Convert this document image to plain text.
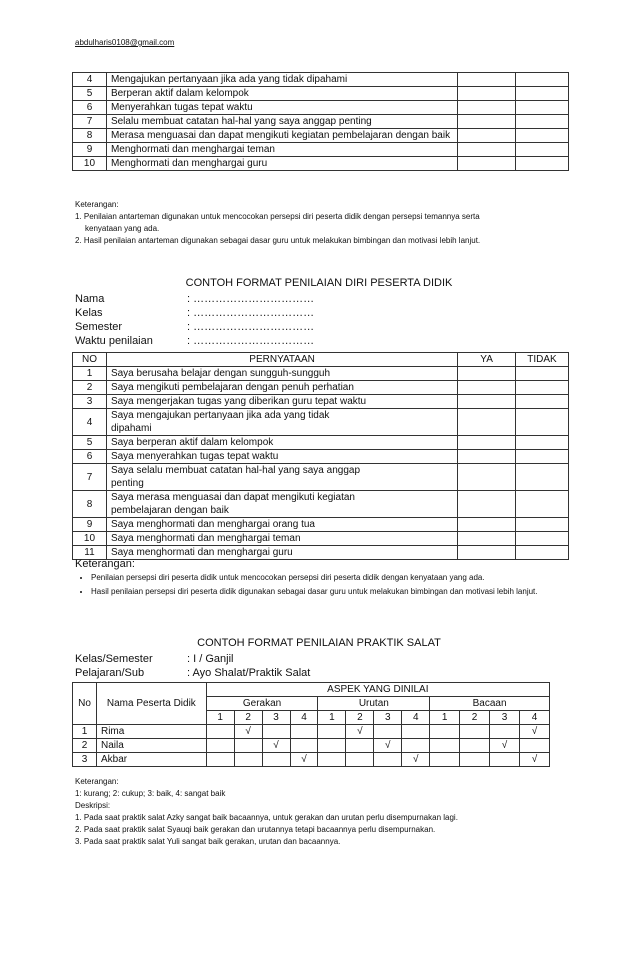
abdulharis0108@gmail.com
4	Mengajukan pertanyaan jika ada yang tidak dipahami		
5	Berperan aktif dalam kelompok		
6	Menyerahkan tugas tepat waktu		
7	Selalu membuat catatan hal-hal yang saya anggap penting		
8	Merasa menguasai dan dapat mengikuti kegiatan pembelajaran dengan baik		
9	Menghormati dan menghargai teman		
10	Menghormati dan menghargai guru		
Keterangan:
1. Penilaian antarteman digunakan untuk mencocokan persepsi diri peserta didik dengan persepsi temannya serta
kenyataan yang ada.
2. Hasil penilaian antarteman digunakan sebagai dasar guru untuk melakukan bimbingan dan motivasi lebih lanjut.
CONTOH FORMAT PENILAIAN DIRI PESERTA DIDIK
Nama	: ……………………………
Kelas	: ……………………………
Semester	: ……………………………
Waktu penilaian	: ……………………………
NO	PERNYATAAN	YA	TIDAK
1	Saya berusaha belajar dengan sungguh-sungguh		
2	Saya mengikuti pembelajaran dengan penuh perhatian		
3	Saya mengerjakan tugas yang diberikan guru tepat waktu		
4	Saya mengajukan pertanyaan jika ada yang tidak dipahami		
5	Saya berperan aktif dalam kelompok		
6	Saya menyerahkan tugas tepat waktu		
7	Saya selalu membuat catatan hal-hal yang saya anggap penting		
8	Saya merasa menguasai dan dapat mengikuti kegiatan pembelajaran dengan baik		
9	Saya menghormati dan menghargai orang tua		
10	Saya menghormati dan menghargai teman		
11	Saya menghormati dan menghargai guru		
Keterangan:
• Penilaian persepsi diri peserta didik untuk mencocokan persepsi diri peserta didik dengan kenyataan yang ada.
• Hasil penilaian persepsi diri peserta didik digunakan sebagai dasar guru untuk melakukan bimbingan dan motivasi lebih lanjut.
CONTOH FORMAT PENILAIAN PRAKTIK SALAT
Kelas/Semester	: I / Ganjil
Pelajaran/Sub	: Ayo Shalat/Praktik Salat
No	Nama Peserta Didik	ASPEK YANG DINILAI											
		Gerakan				Urutan				Bacaan			
		1	2	3	4	1	2	3	4	1	2	3	4
1	Rima		√				√						√
2	Naila			√				√				√	
3	Akbar				√				√				√
Keterangan:
1: kurang; 2: cukup; 3: baik, 4: sangat baik
Deskripsi:
1. Pada saat praktik salat Azky sangat baik bacaannya, untuk gerakan dan urutan perlu disempurnakan lagi.
2. Pada saat praktik salat Syauqi baik gerakan dan urutannya tetapi bacaannya perlu disempurnakan.
3. Pada saat praktik salat Yuli sangat baik gerakan, urutan dan bacaannya.
